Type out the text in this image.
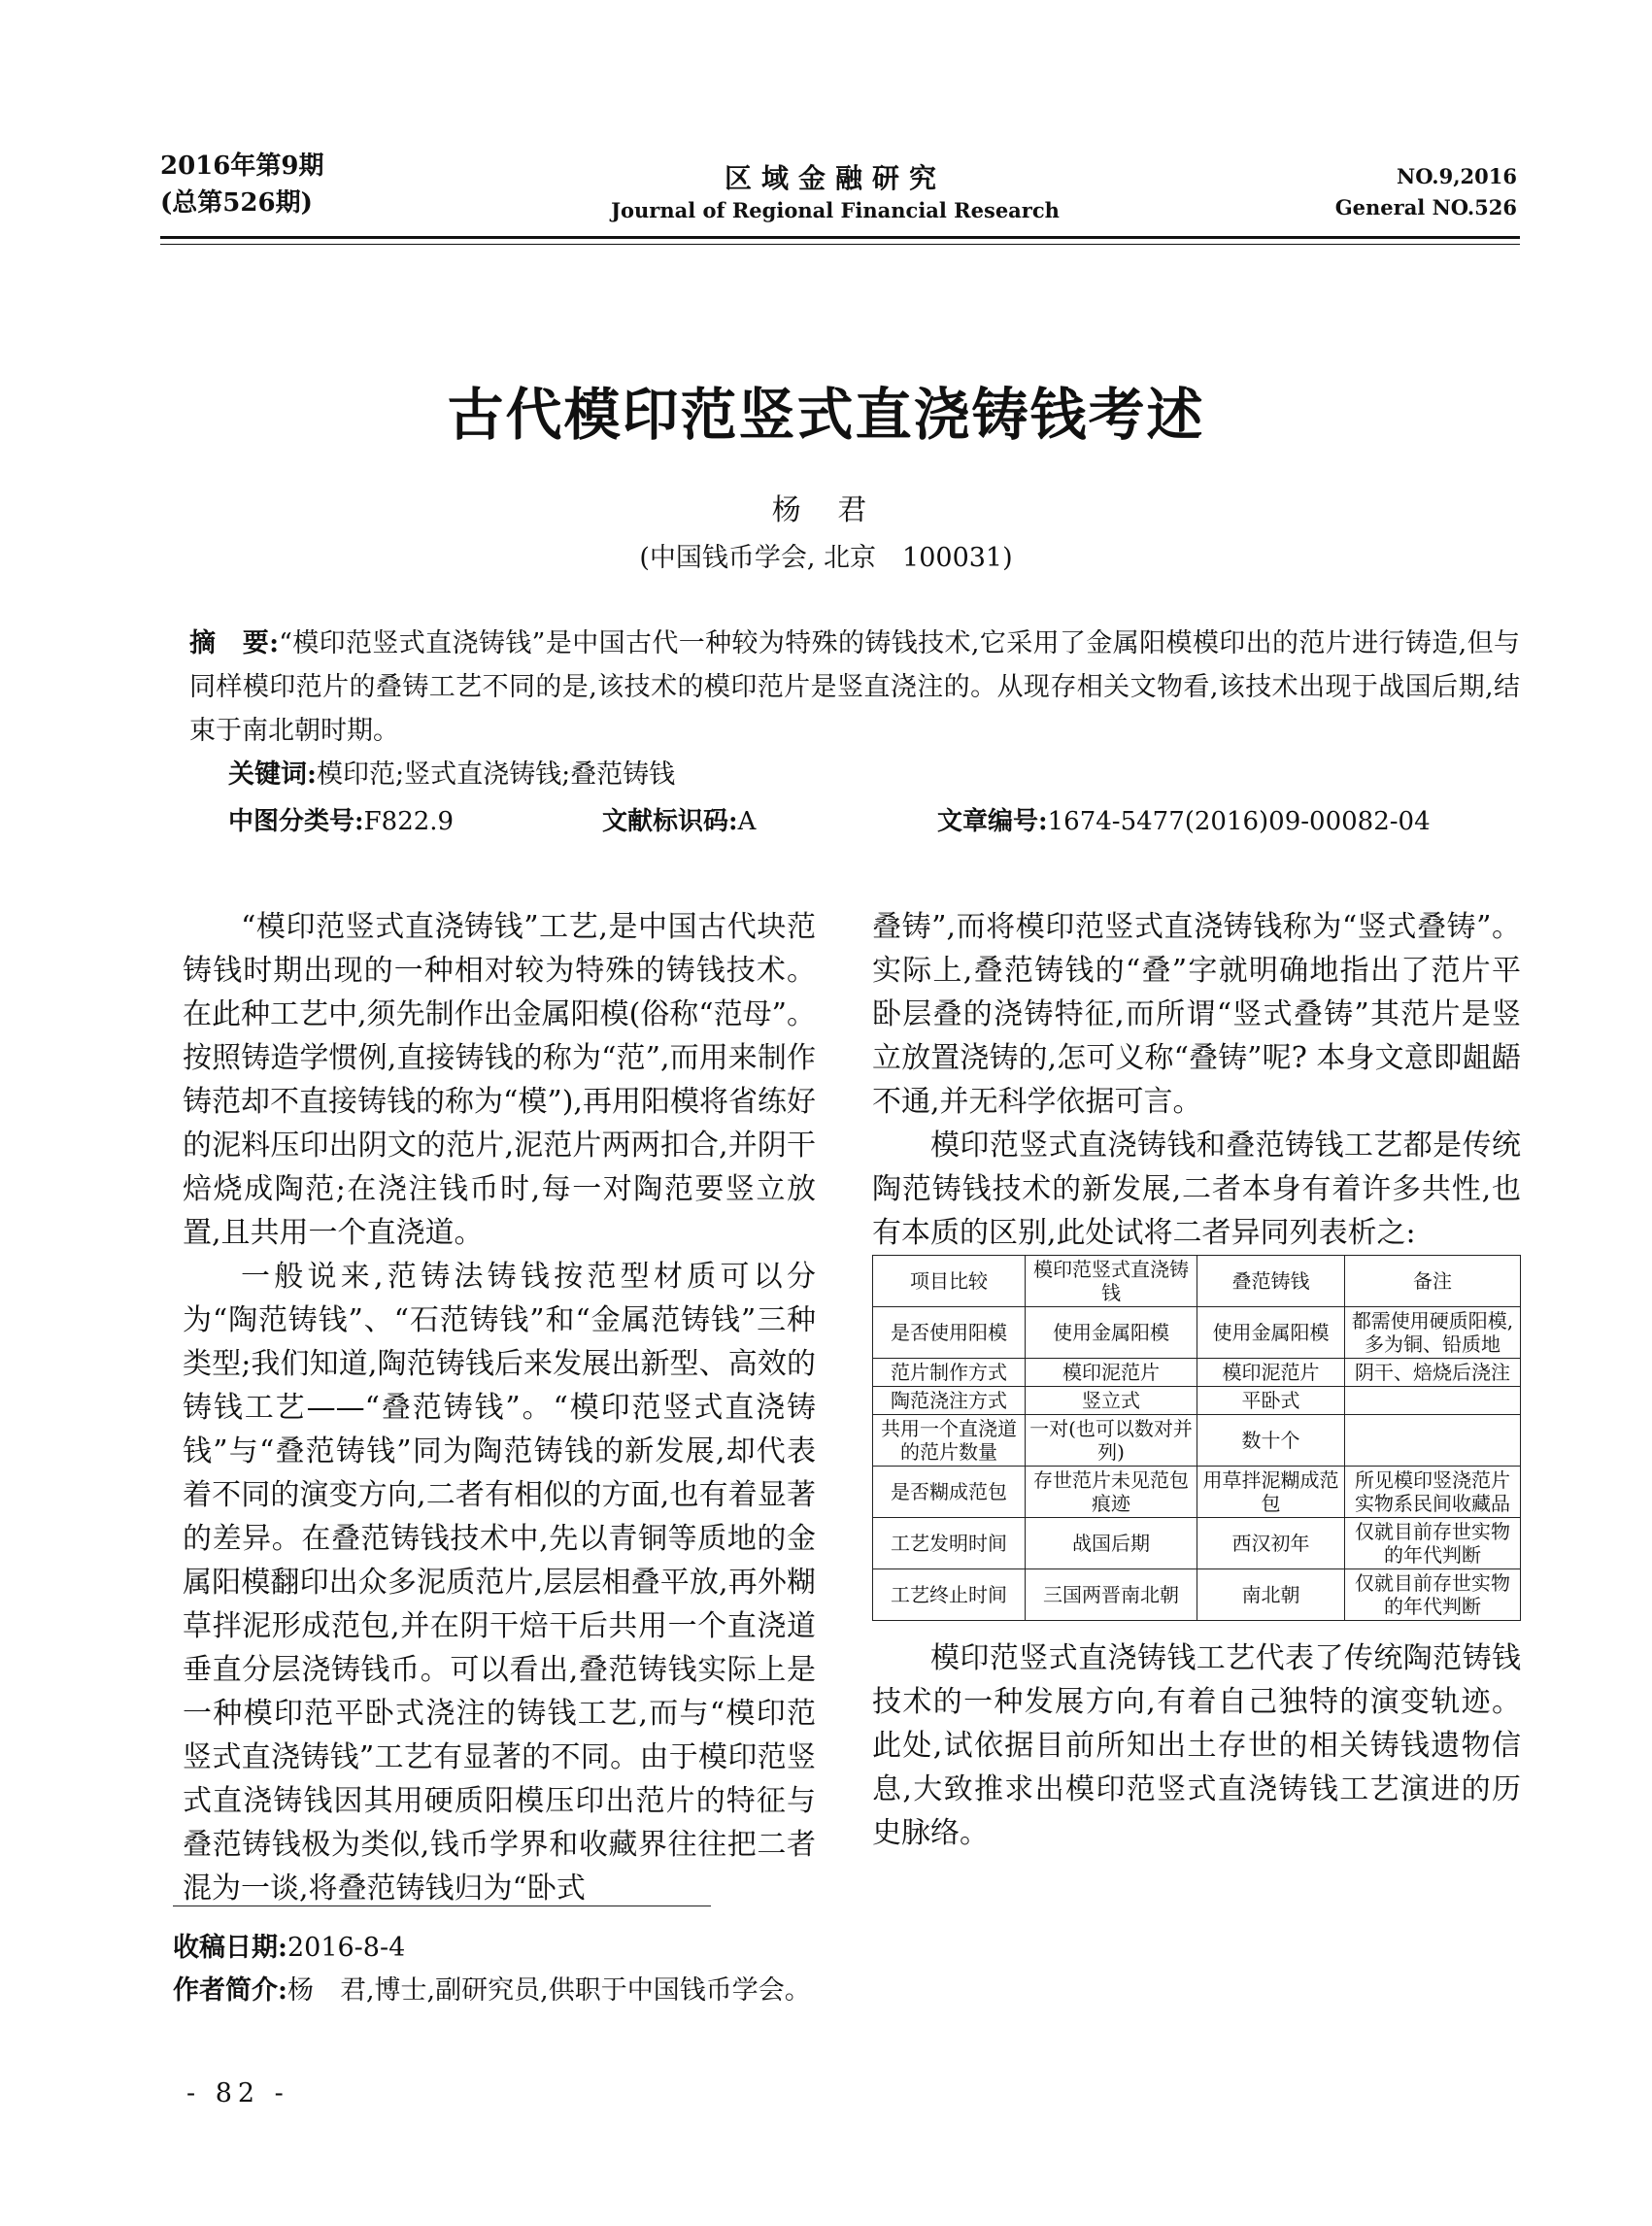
2016年第9期
(总第526期)
区域金融研究
Journal of Regional Financial Research
NO.9,2016
General NO.526
古代模印范竖式直浇铸钱考述
杨 君
(中国钱币学会, 北京　100031)
摘　要:“模印范竖式直浇铸钱”是中国古代一种较为特殊的铸钱技术,它采用了金属阳模模印出的范片进行铸造,但与同样模印范片的叠铸工艺不同的是,该技术的模印范片是竖直浇注的。从现存相关文物看,该技术出现于战国后期,结束于南北朝时期。
关键词:模印范;竖式直浇铸钱;叠范铸钱
中图分类号:F822.9	文献标识码:A	文章编号:1674-5477(2016)09-00082-04

“模印范竖式直浇铸钱”工艺,是中国古代块范铸钱时期出现的一种相对较为特殊的铸钱技术。在此种工艺中,须先制作出金属阳模(俗称“范母”。按照铸造学惯例,直接铸钱的称为“范”,而用来制作铸范却不直接铸钱的称为“模”),再用阳模将省练好的泥料压印出阴文的范片,泥范片两两扣合,并阴干焙烧成陶范;在浇注钱币时,每一对陶范要竖立放置,且共用一个直浇道。

一般说来,范铸法铸钱按范型材质可以分为“陶范铸钱”、“石范铸钱”和“金属范铸钱”三种类型;我们知道,陶范铸钱后来发展出新型、高效的铸钱工艺——“叠范铸钱”。“模印范竖式直浇铸钱”与“叠范铸钱”同为陶范铸钱的新发展,却代表着不同的演变方向,二者有相似的方面,也有着显著的差异。在叠范铸钱技术中,先以青铜等质地的金属阳模翻印出众多泥质范片,层层相叠平放,再外糊草拌泥形成范包,并在阴干焙干后共用一个直浇道垂直分层浇铸钱币。可以看出,叠范铸钱实际上是一种模印范平卧式浇注的铸钱工艺,而与“模印范竖式直浇铸钱”工艺有显著的不同。由于模印范竖式直浇铸钱因其用硬质阳模压印出范片的特征与叠范铸钱极为类似,钱币学界和收藏界往往把二者混为一谈,将叠范铸钱归为“卧式

叠铸”,而将模印范竖式直浇铸钱称为“竖式叠铸”。实际上,叠范铸钱的“叠”字就明确地指出了范片平卧层叠的浇铸特征,而所谓“竖式叠铸”其范片是竖立放置浇铸的,怎可义称“叠铸”呢? 本身文意即龃龉不通,并无科学依据可言。

模印范竖式直浇铸钱和叠范铸钱工艺都是传统陶范铸钱技术的新发展,二者本身有着许多共性,也有本质的区别,此处试将二者异同列表析之:

项目比较	模印范竖式直浇铸钱	叠范铸钱	备注
是否使用阳模	使用金属阳模	使用金属阳模	都需使用硬质阳模,多为铜、铅质地
范片制作方式	模印泥范片	模印泥范片	阴干、焙烧后浇注
陶范浇注方式	竖立式	平卧式	
共用一个直浇道的范片数量	一对(也可以数对并列)	数十个	
是否糊成范包	存世范片未见范包痕迹	用草拌泥糊成范包	所见模印竖浇范片实物系民间收藏品
工艺发明时间	战国后期	西汉初年	仅就目前存世实物的年代判断
工艺终止时间	三国两晋南北朝	南北朝	仅就目前存世实物的年代判断

模印范竖式直浇铸钱工艺代表了传统陶范铸钱技术的一种发展方向,有着自己独特的演变轨迹。此处,试依据目前所知出土存世的相关铸钱遗物信息,大致推求出模印范竖式直浇铸钱工艺演进的历史脉络。

收稿日期:2016-8-4
作者简介:杨　君,博士,副研究员,供职于中国钱币学会。
- 82 -
